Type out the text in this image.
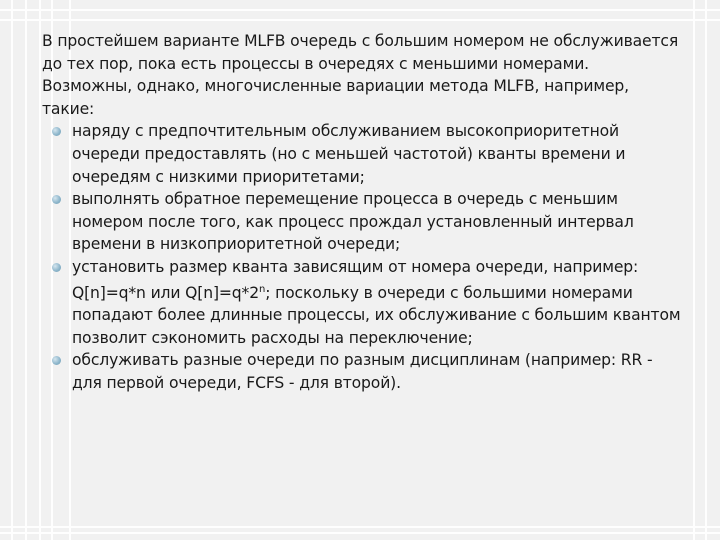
В простейшем варианте MLFB очередь с большим номером не обслуживается до тех пор, пока есть процессы в очередях с меньшими номерами. Возможны, однако, многочисленные вариации метода MLFB, например, такие:

наряду с предпочтительным обслуживанием высокоприоритетной очереди предоставлять (но с меньшей частотой) кванты времени и очередям с низкими приоритетами;
выполнять обратное перемещение процесса в очередь с меньшим номером после того, как процесс прождал установленный интервал времени в низкоприоритетной очереди;
установить размер кванта зависящим от номера очереди, например: Q[n]=q*n или $Q[n]=q*2^n$; поскольку в очереди с большими номерами попадают более длинные процессы, их обслуживание с большим квантом позволит сэкономить расходы на переключение;
обслуживать разные очереди по разным дисциплинам (например: RR - для первой очереди, FCFS - для второй).
